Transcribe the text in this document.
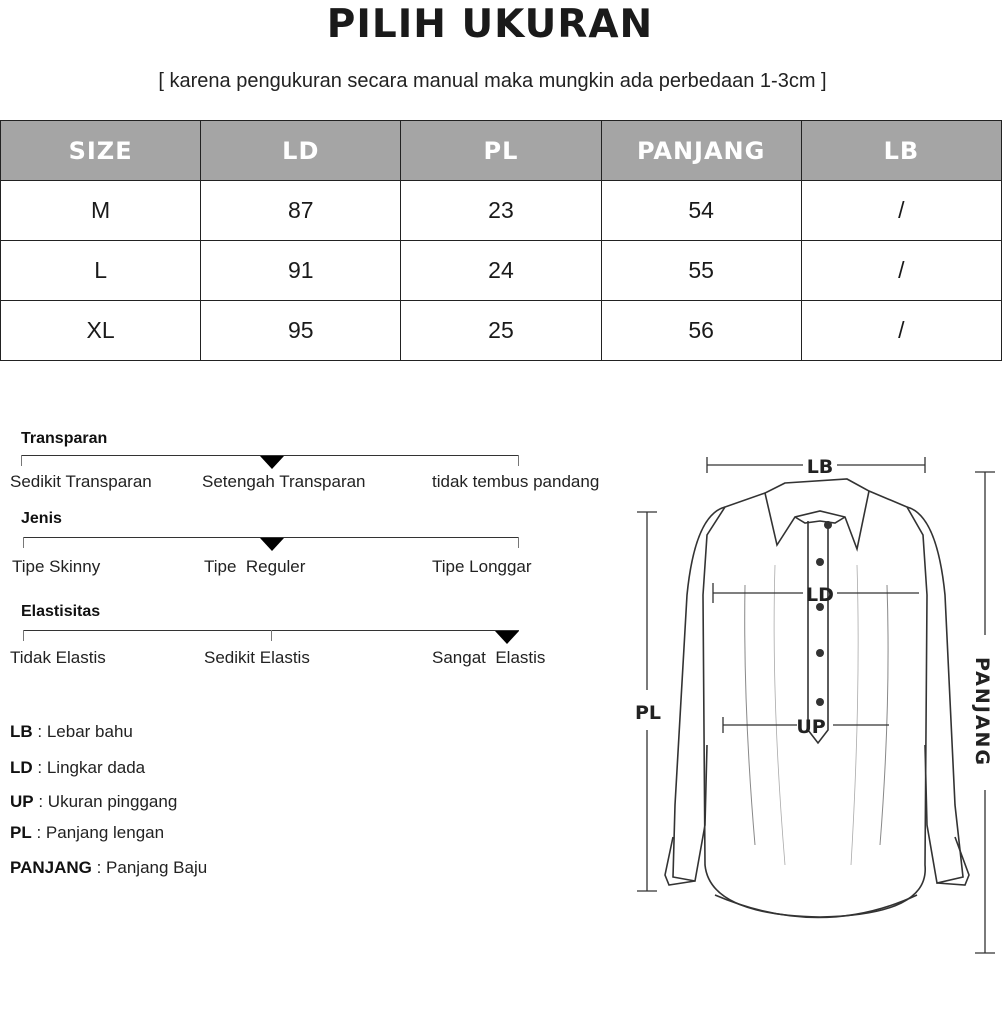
PILIH UKURAN
[ karena pengukuran secara manual maka mungkin ada perbedaan 1-3cm ]
SIZE	LD	PL	PANJANG	LB
M	87	23	54	/
L	91	24	55	/
XL	95	25	56	/
Transparan
Sedikit Transparan	Setengah Transparan	tidak tembus pandang
Jenis
Tipe Skinny	Tipe  Reguler	Tipe Longgar
Elastisitas
Tidak Elastis	Sedikit Elastis	Sangat  Elastis
LB : Lebar bahu
LD : Lingkar dada
UP : Ukuran pinggang
PL : Panjang lengan
PANJANG : Panjang Baju
LB
LD
UP
PL	PANJANG
